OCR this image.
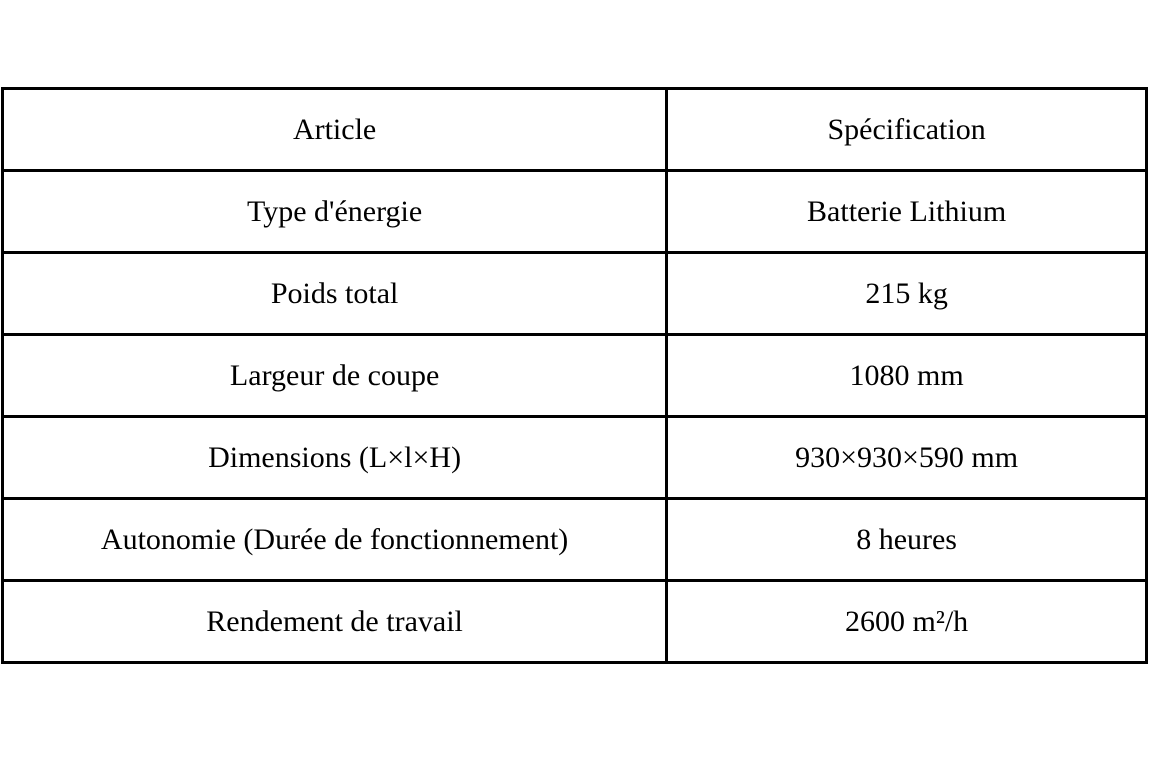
Article	Spécification
Type d'énergie	Batterie Lithium
Poids total	215 kg
Largeur de coupe	1080 mm
Dimensions (L×l×H)	930×930×590 mm
Autonomie (Durée de fonctionnement)	8 heures
Rendement de travail	2600 m²/h
